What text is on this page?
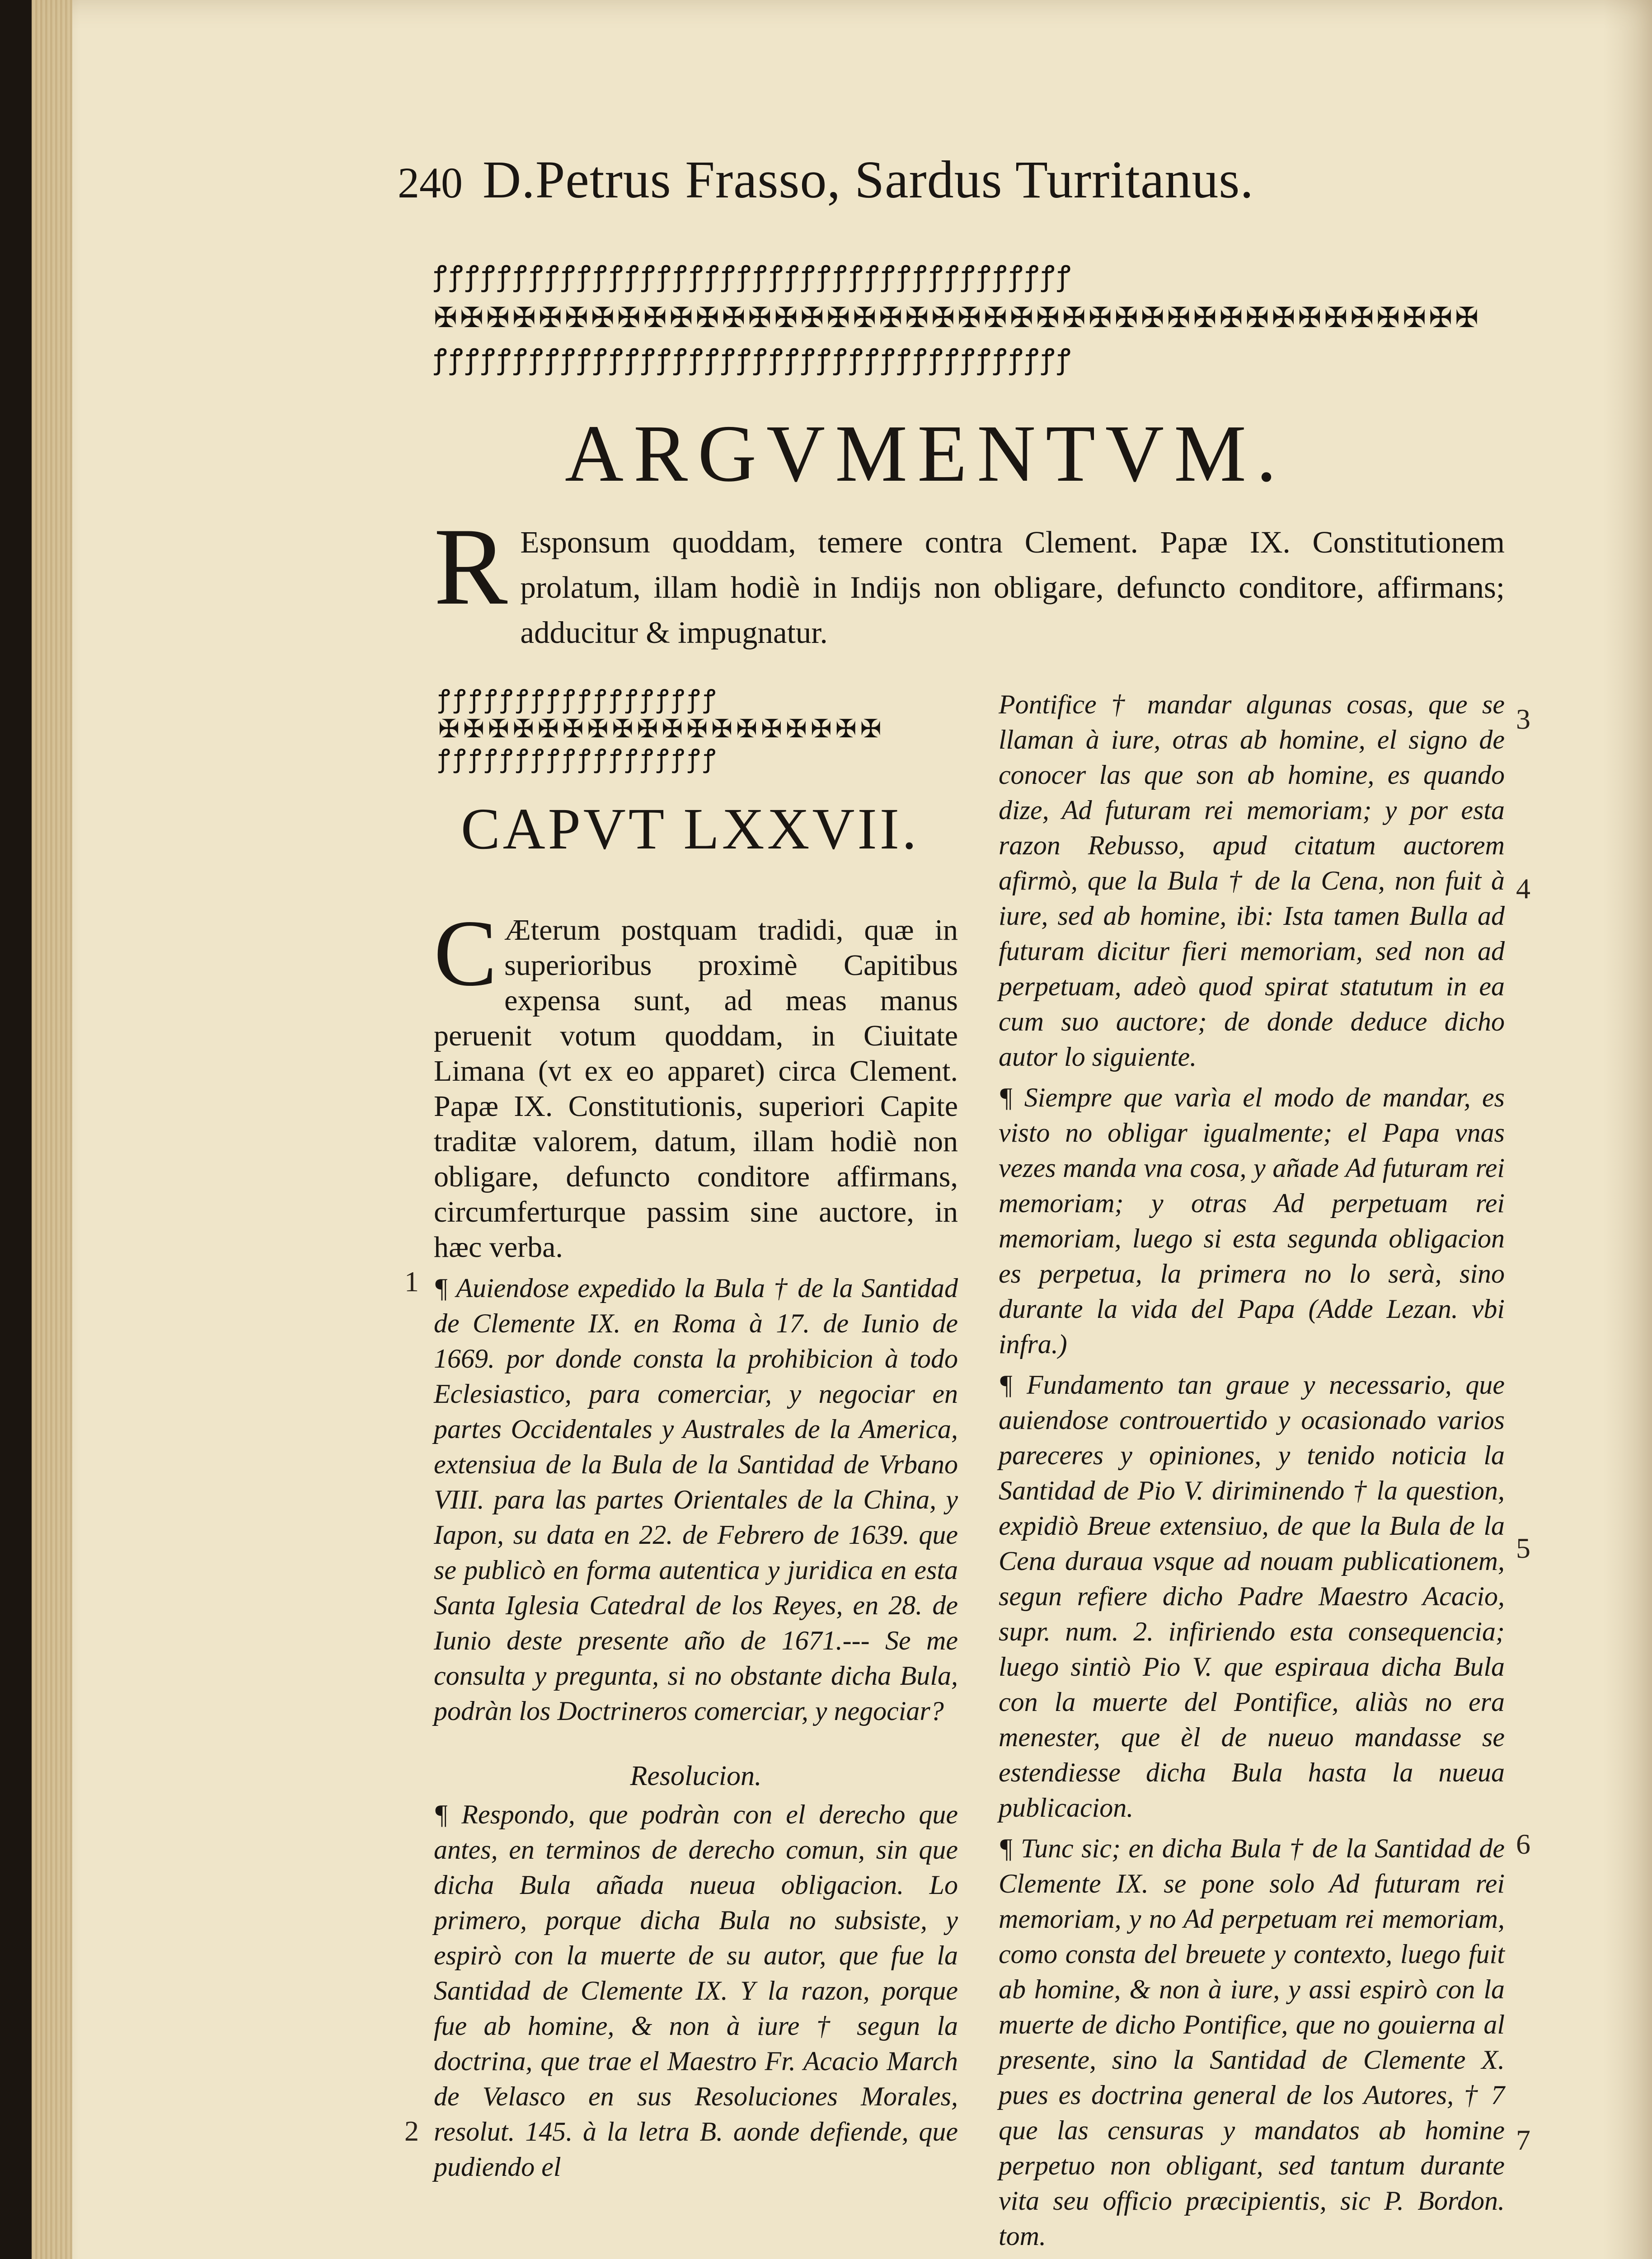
240 D.Petrus Frasso, Sardus Turritanus.
ꝭꝭꝭꝭꝭꝭꝭꝭꝭꝭꝭꝭꝭꝭꝭꝭꝭꝭꝭꝭꝭꝭꝭꝭꝭꝭꝭꝭꝭꝭꝭꝭꝭꝭꝭꝭꝭꝭꝭꝭ
✠✠✠✠✠✠✠✠✠✠✠✠✠✠✠✠✠✠✠✠✠✠✠✠✠✠✠✠✠✠✠✠✠✠✠✠✠✠✠✠
ꝭꝭꝭꝭꝭꝭꝭꝭꝭꝭꝭꝭꝭꝭꝭꝭꝭꝭꝭꝭꝭꝭꝭꝭꝭꝭꝭꝭꝭꝭꝭꝭꝭꝭꝭꝭꝭꝭꝭꝭ
ARGVMENTVM.
R Esponsum quoddam, temere contra Clement. Papæ IX. Constitutionem prolatum, illam hodiè in Indijs non obligare, defuncto conditore, affirmans; adducitur & impugnatur.
ꝭꝭꝭꝭꝭꝭꝭꝭꝭꝭꝭꝭꝭꝭꝭꝭꝭꝭ
✠✠✠✠✠✠✠✠✠✠✠✠✠✠✠✠✠✠
ꝭꝭꝭꝭꝭꝭꝭꝭꝭꝭꝭꝭꝭꝭꝭꝭꝭꝭ
CAPVT LXXVII.

C Æterum postquam tradidi, quæ in superioribus proximè Capitibus expensa sunt, ad meas manus peruenit votum quoddam, in Ciuitate Limana (vt ex eo apparet) circa Clement. Papæ IX. Constitutionis, superiori Capite traditæ valorem, datum, illam hodiè non obligare, defuncto conditore affirmans, circumferturque passim sine auctore, in hæc verba.

¶ Auiendose expedido la Bula † de la Santidad de Clemente IX. en Roma à 17. de Iunio de 1669. por donde consta la prohibicion à todo Eclesiastico, para comerciar, y negociar en partes Occidentales y Australes de la America, extensiua de la Bula de la Santidad de Vrbano VIII. para las partes Orientales de la China, y Iapon, su data en 22. de Febrero de 1639. que se publicò en forma autentica y juridica en esta Santa Iglesia Catedral de los Reyes, en 28. de Iunio deste presente año de 1671.--- Se me consulta y pregunta, si no obstante dicha Bula, podràn los Doctrineros comerciar, y negociar?

Resolucion.

¶ Respondo, que podràn con el derecho que antes, en terminos de derecho comun, sin que dicha Bula añada nueua obligacion. Lo primero, porque dicha Bula no subsiste, y espirò con la muerte de su autor, que fue la Santidad de Clemente IX. Y la razon, porque fue ab homine, & non à iure † segun la doctrina, que trae el Maestro Fr. Acacio March de Velasco en sus Resoluciones Morales, resolut. 145. à la letra B. aonde defiende, que pudiendo el

Pontifice † mandar algunas cosas, que se llaman à iure, otras ab homine, el signo de conocer las que son ab homine, es quando dize, Ad futuram rei memoriam; y por esta razon Rebusso, apud citatum auctorem afirmò, que la Bula † de la Cena, non fuit à iure, sed ab homine, ibi: Ista tamen Bulla ad futuram dicitur fieri memoriam, sed non ad perpetuam, adeò quod spirat statutum in ea cum suo auctore; de donde deduce dicho autor lo siguiente.

¶ Siempre que varìa el modo de mandar, es visto no obligar igualmente; el Papa vnas vezes manda vna cosa, y añade Ad futuram rei memoriam; y otras Ad perpetuam rei memoriam, luego si esta segunda obligacion es perpetua, la primera no lo serà, sino durante la vida del Papa (Adde Lezan. vbi infra.)

¶ Fundamento tan graue y necessario, que auiendose controuertido y ocasionado varios pareceres y opiniones, y tenido noticia la Santidad de Pio V. diriminendo † la question, expidiò Breue extensiuo, de que la Bula de la Cena duraua vsque ad nouam publicationem, segun refiere dicho Padre Maestro Acacio, supr. num. 2. infiriendo esta consequencia; luego sintiò Pio V. que espiraua dicha Bula con la muerte del Pontifice, aliàs no era menester, que èl de nueuo mandasse se estendiesse dicha Bula hasta la nueua publicacion.

¶ Tunc sic; en dicha Bula † de la Santidad de Clemente IX. se pone solo Ad futuram rei memoriam, y no Ad perpetuam rei memoriam, como consta del breuete y contexto, luego fuit ab homine, & non à iure, y assi espirò con la muerte de dicho Pontifice, que no gouierna al presente, sino la Santidad de Clemente X. pues es doctrina general de los Autores, † 7 que las censuras y mandatos ab homine perpetuo non obligant, sed tantum durante vita seu officio præcipientis, sic P. Bordon. tom.

1
2
3
4
5
6
7
